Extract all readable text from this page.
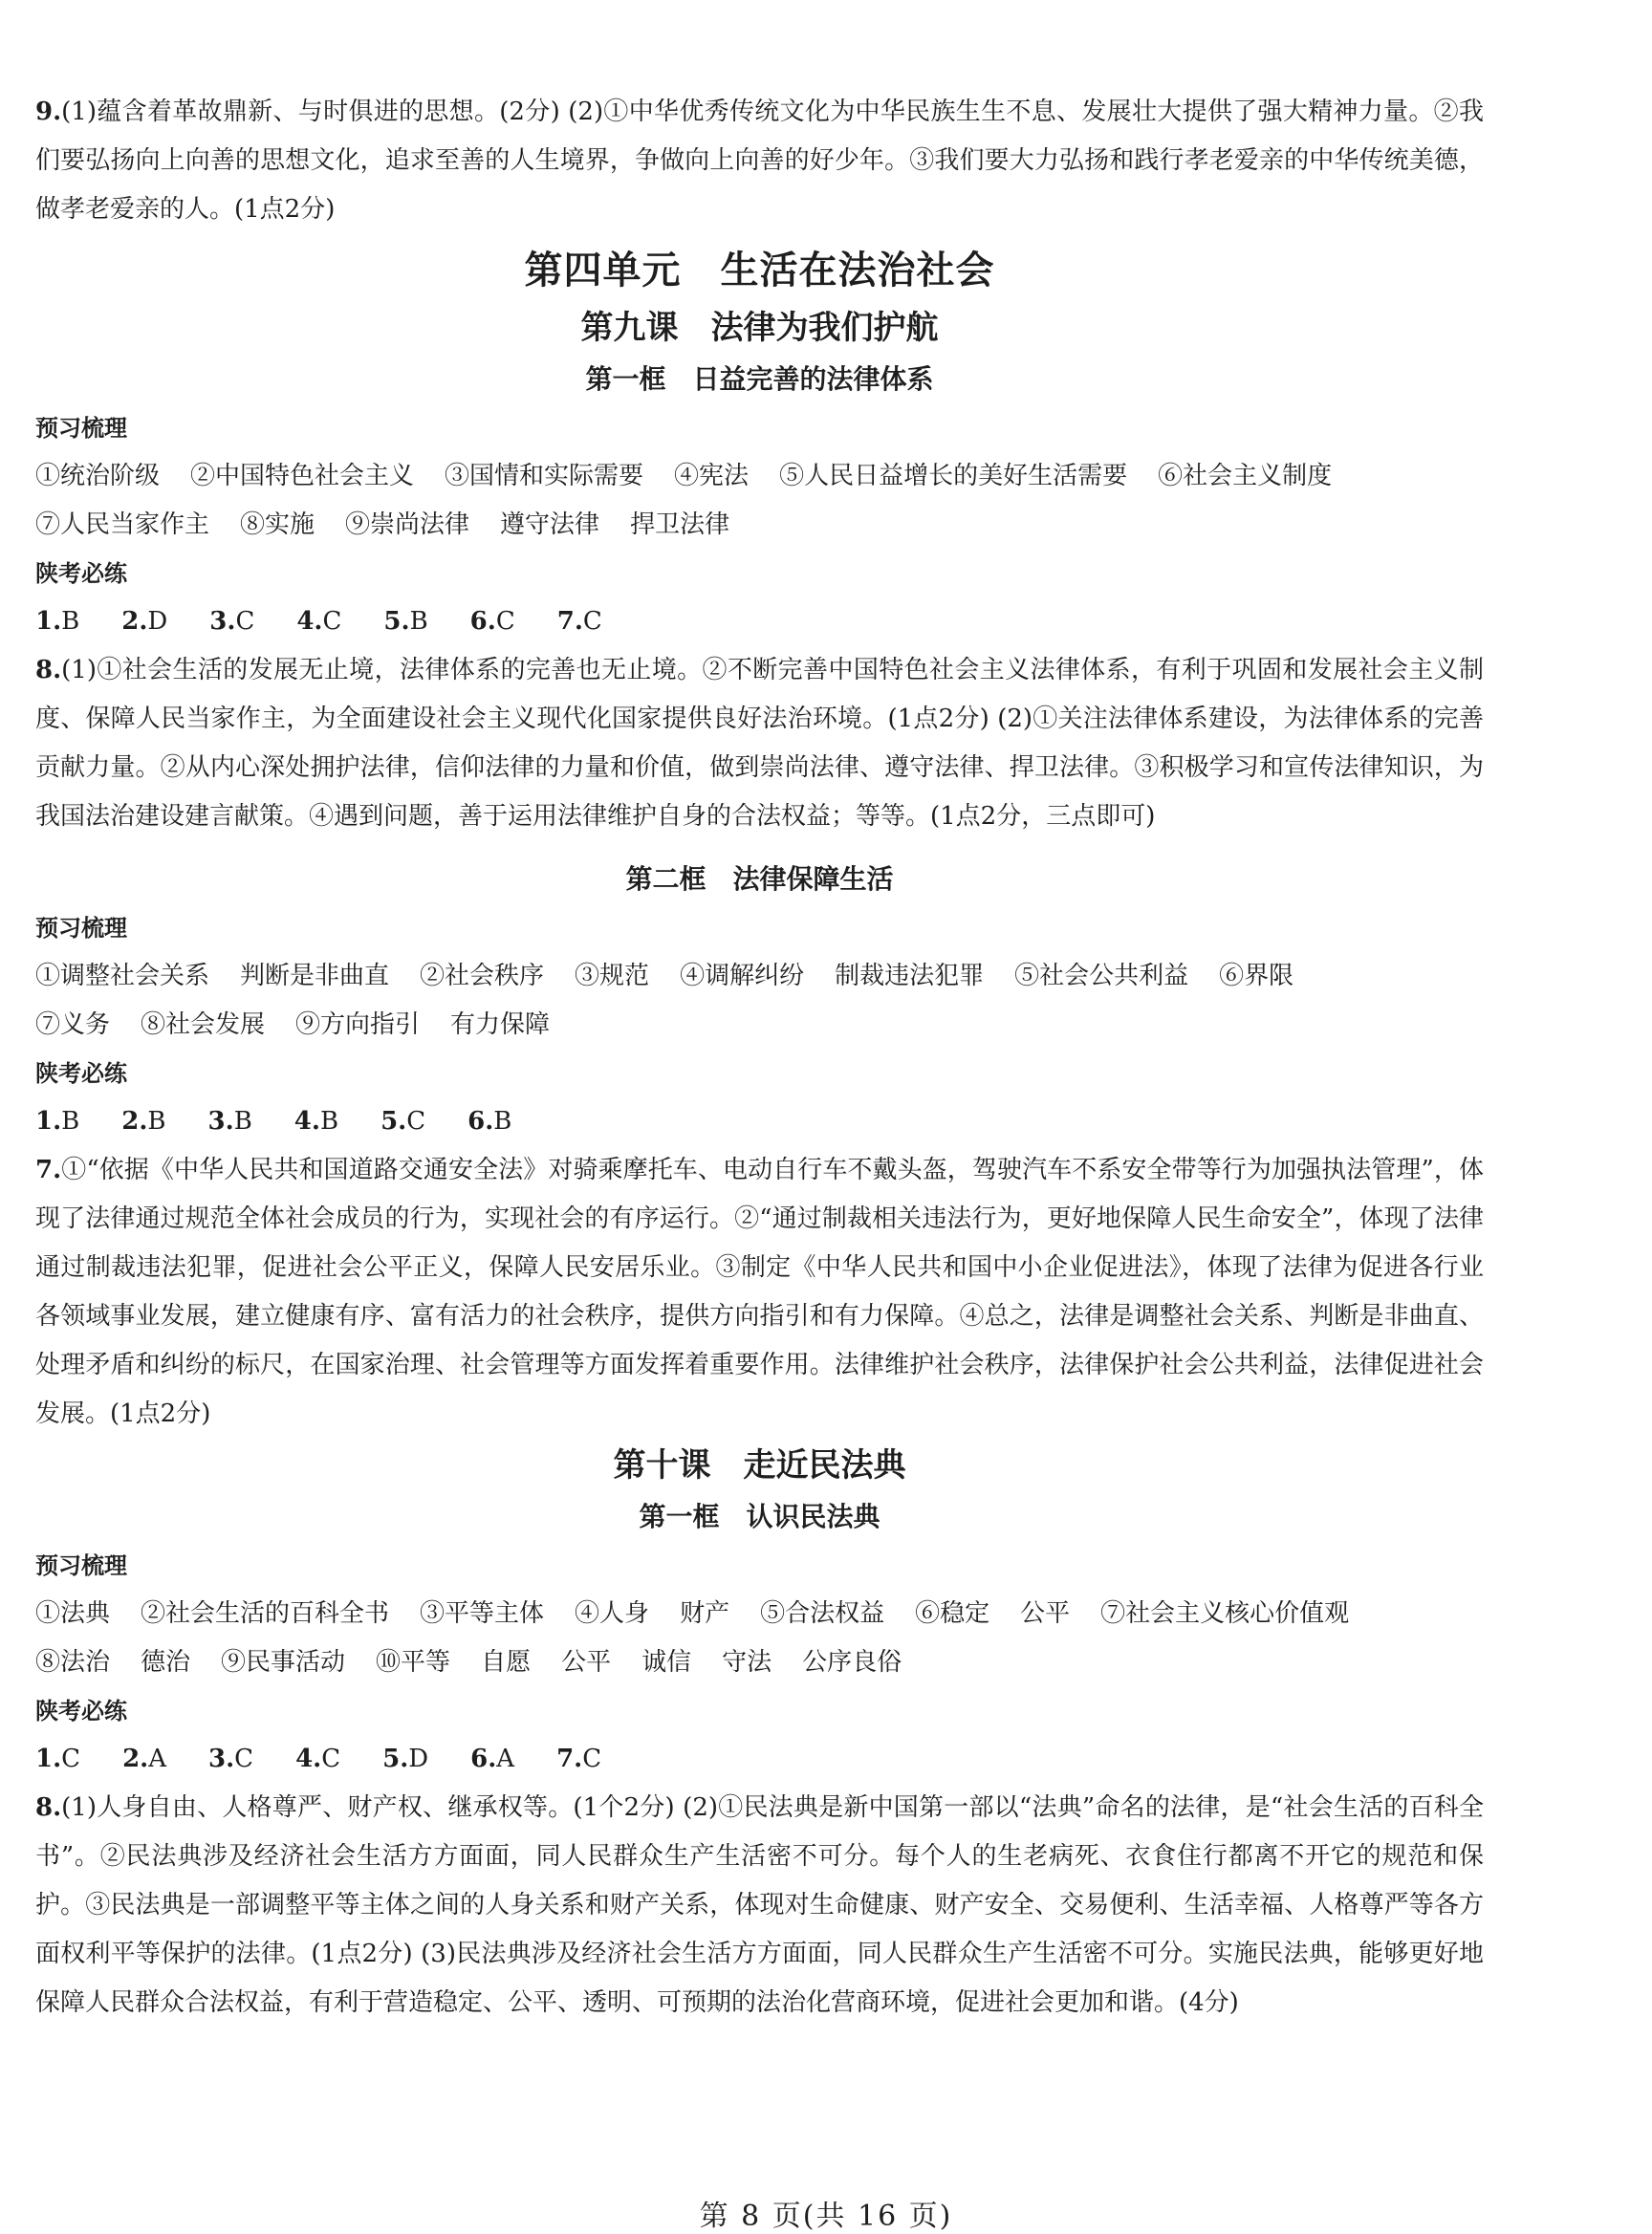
9.(1)蕴含着革故鼎新、与时俱进的思想。(2分) (2)①中华优秀传统文化为中华民族生生不息、发展壮大提供了强大精神力量。②我们要弘扬向上向善的思想文化，追求至善的人生境界，争做向上向善的好少年。③我们要大力弘扬和践行孝老爱亲的中华传统美德，做孝老爱亲的人。(1点2分)

第四单元　生活在法治社会
第九课　法律为我们护航
第一框　日益完善的法律体系

预习梳理

①统治阶级 ②中国特色社会主义 ③国情和实际需要 ④宪法 ⑤人民日益增长的美好生活需要 ⑥社会主义制度

⑦人民当家作主 ⑧实施 ⑨崇尚法律 遵守法律 捍卫法律

陕考必练

1.B 2.D 3.C 4.C 5.B 6.C 7.C

8.(1)①社会生活的发展无止境，法律体系的完善也无止境。②不断完善中国特色社会主义法律体系，有利于巩固和发展社会主义制度、保障人民当家作主，为全面建设社会主义现代化国家提供良好法治环境。(1点2分) (2)①关注法律体系建设，为法律体系的完善贡献力量。②从内心深处拥护法律，信仰法律的力量和价值，做到崇尚法律、遵守法律、捍卫法律。③积极学习和宣传法律知识，为我国法治建设建言献策。④遇到问题，善于运用法律维护自身的合法权益；等等。(1点2分，三点即可)

第二框　法律保障生活

预习梳理

①调整社会关系 判断是非曲直 ②社会秩序 ③规范 ④调解纠纷 制裁违法犯罪 ⑤社会公共利益 ⑥界限

⑦义务 ⑧社会发展 ⑨方向指引 有力保障

陕考必练

1.B 2.B 3.B 4.B 5.C 6.B

7.①“依据《中华人民共和国道路交通安全法》对骑乘摩托车、电动自行车不戴头盔，驾驶汽车不系安全带等行为加强执法管理”，体现了法律通过规范全体社会成员的行为，实现社会的有序运行。②“通过制裁相关违法行为，更好地保障人民生命安全”，体现了法律通过制裁违法犯罪，促进社会公平正义，保障人民安居乐业。③制定《中华人民共和国中小企业促进法》，体现了法律为促进各行业各领域事业发展，建立健康有序、富有活力的社会秩序，提供方向指引和有力保障。④总之，法律是调整社会关系、判断是非曲直、处理矛盾和纠纷的标尺，在国家治理、社会管理等方面发挥着重要作用。法律维护社会秩序，法律保护社会公共利益，法律促进社会发展。(1点2分)

第十课　走近民法典
第一框　认识民法典

预习梳理

①法典 ②社会生活的百科全书 ③平等主体 ④人身 财产 ⑤合法权益 ⑥稳定 公平 ⑦社会主义核心价值观

⑧法治 德治 ⑨民事活动 ⑩平等 自愿 公平 诚信 守法 公序良俗

陕考必练

1.C 2.A 3.C 4.C 5.D 6.A 7.C

8.(1)人身自由、人格尊严、财产权、继承权等。(1个2分) (2)①民法典是新中国第一部以“法典”命名的法律，是“社会生活的百科全书”。②民法典涉及经济社会生活方方面面，同人民群众生产生活密不可分。每个人的生老病死、衣食住行都离不开它的规范和保护。③民法典是一部调整平等主体之间的人身关系和财产关系，体现对生命健康、财产安全、交易便利、生活幸福、人格尊严等各方面权利平等保护的法律。(1点2分) (3)民法典涉及经济社会生活方方面面，同人民群众生产生活密不可分。实施民法典，能够更好地保障人民群众合法权益，有利于营造稳定、公平、透明、可预期的法治化营商环境，促进社会更加和谐。(4分)

第 8 页(共 16 页)
